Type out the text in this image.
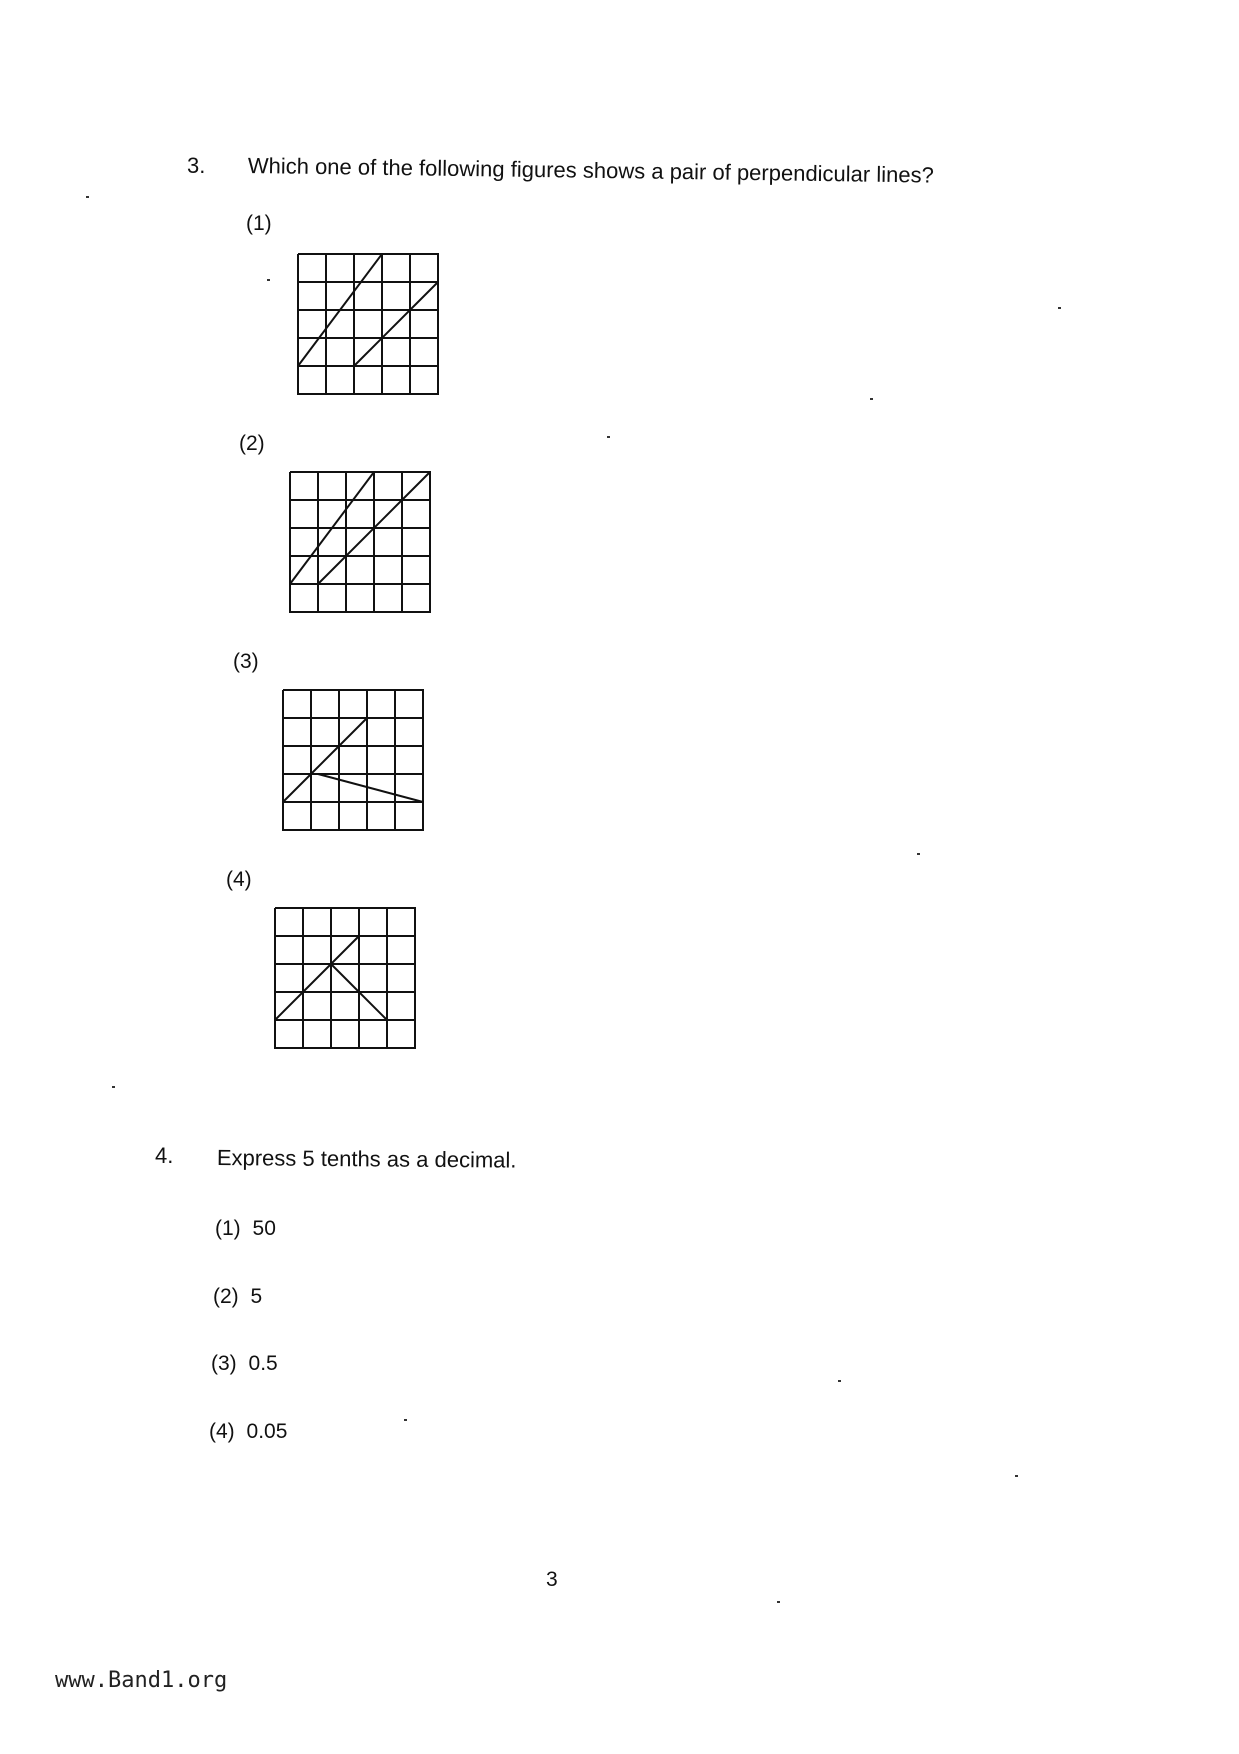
3. Which one of the following figures shows a pair of perpendicular lines?
(1)
(2)
(3)
(4)
4. Express 5 tenths as a decimal.
(1) 50
(2) 5
(3) 0.5
(4) 0.05
3
www.Band1.org
